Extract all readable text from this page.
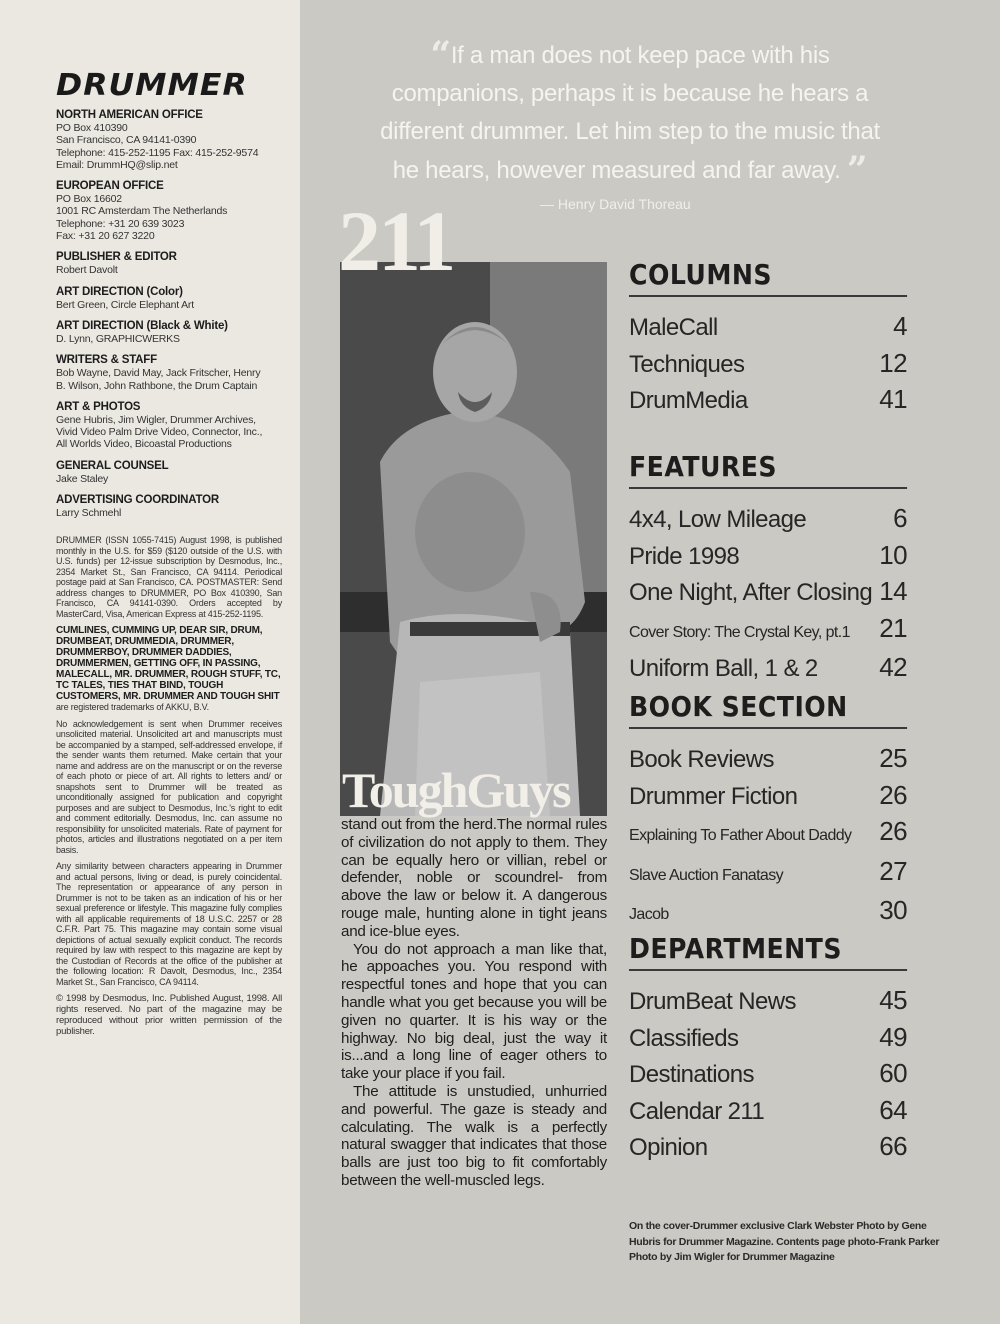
DRUMMER
NORTH AMERICAN OFFICE
PO Box 410390
San Francisco, CA 94141-0390
Telephone: 415-252-1195 Fax: 415-252-9574
Email: DrummHQ@slip.net
EUROPEAN OFFICE
PO Box 16602
1001 RC Amsterdam The Netherlands
Telephone: +31 20 639 3023
Fax: +31 20 627 3220
PUBLISHER & EDITOR
Robert Davolt
ART DIRECTION (Color)
Bert Green, Circle Elephant Art
ART DIRECTION (Black & White)
D. Lynn, GRAPHICWERKS
WRITERS & STAFF
Bob Wayne, David May, Jack Fritscher, Henry
B. Wilson, John Rathbone, the Drum Captain
ART & PHOTOS
Gene Hubris, Jim Wigler, Drummer Archives,
Vivid Video Palm Drive Video, Connector, Inc.,
All Worlds Video, Bicoastal Productions
GENERAL COUNSEL
Jake Staley
ADVERTISING COORDINATOR
Larry Schmehl
DRUMMER (ISSN 1055-7415) August 1998, is published monthly in the U.S. for $59 ($120 outside of the U.S. with U.S. funds) per 12-issue subscription by Desmodus, Inc., 2354 Market St., San Francisco, CA 94114. Periodical postage paid at San Francisco, CA. POSTMASTER: Send address changes to DRUMMER, PO Box 410390, San Francisco, CA 94141-0390. Orders accepted by MasterCard, Visa, American Express at 415-252-1195.
CUMLINES, CUMMING UP, DEAR SIR, DRUM, DRUMBEAT, DRUMMEDIA, DRUMMER, DRUMMERBOY, DRUMMER DADDIES, DRUMMERMEN, GETTING OFF, IN PASSING, MALECALL, MR. DRUMMER, ROUGH STUFF, TC, TC TALES, TIES THAT BIND, TOUGH CUSTOMERS, MR. DRUMMER AND TOUGH SHIT
are registered trademarks of AKKU, B.V.
No acknowledgement is sent when Drummer receives unsolicited material. Unsolicited art and manuscripts must be accompanied by a stamped, self-addressed envelope, if the sender wants them returned. Make certain that your name and address are on the manuscript or on the reverse of each photo or piece of art. All rights to letters and/ or snapshots sent to Drummer will be treated as unconditionally assigned for publication and copyright purposes and are subject to Desmodus, Inc.'s right to edit and comment editorially. Desmodus, Inc. can assume no responsibility for unsolicited materials. Rate of payment for photos, articles and illustrations negotiated on a per item basis.
Any similarity between characters appearing in Drummer and actual persons, living or dead, is purely coincidental. The representation or appearance of any person in Drummer is not to be taken as an indication of his or her sexual preference or lifestyle. This magazine fully complies with all applicable requirements of 18 U.S.C. 2257 or 28 C.F.R. Part 75. This magazine may contain some visual depictions of actual sexually explicit conduct. The records required by law with respect to this magazine are kept by the Custodian of Records at the office of the publisher at the following location: R Davolt, Desmodus, Inc., 2354 Market St., San Francisco, CA 94114.
© 1998 by Desmodus, Inc. Published August, 1998. All rights reserved. No part of the magazine may be reproduced without prior written permission of the publisher.
“If a man does not keep pace with his companions, perhaps it is because he hears a different drummer. Let him step to the music that he hears, however measured and far away. ”
— Henry David Thoreau
211
ToughGuys

stand out from the herd.The normal rules of civilization do not apply to them. They can be equally hero or villian, rebel or defender, noble or scoundrel- from above the law or below it. A dangerous rouge male, hunting alone in tight jeans and ice-blue eyes.

You do not approach a man like that, he appoaches you. You respond with respectful tones and hope that you can handle what you get because you will be given no quarter. It is his way or the highway. No big deal, just the way it is...and a long line of eager others to take your place if you fail.

The attitude is unstudied, unhurried and powerful. The gaze is steady and calculating. The walk is a perfectly natural swagger that indicates that those balls are just too big to fit comfortably between the well-muscled legs.

COLUMNS
MaleCall	4
Techniques	12
DrumMedia	41
FEATURES
4x4, Low Mileage	6
Pride 1998	10
One Night, After Closing 14
Cover Story: The Crystal Key, pt.1 21
Uniform Ball, 1 & 2 42
BOOK SECTION
Book Reviews	25
Drummer Fiction	26
Explaining To Father About Daddy 26
Slave Auction Fanatasy	27
Jacob	30
DEPARTMENTS
DrumBeat News	45
Classifieds	49
Destinations	60
Calendar 211	64
Opinion	66
On the cover-Drummer exclusive Clark Webster Photo by Gene Hubris for Drummer Magazine. Contents page photo-Frank Parker Photo by Jim Wigler for Drummer Magazine
